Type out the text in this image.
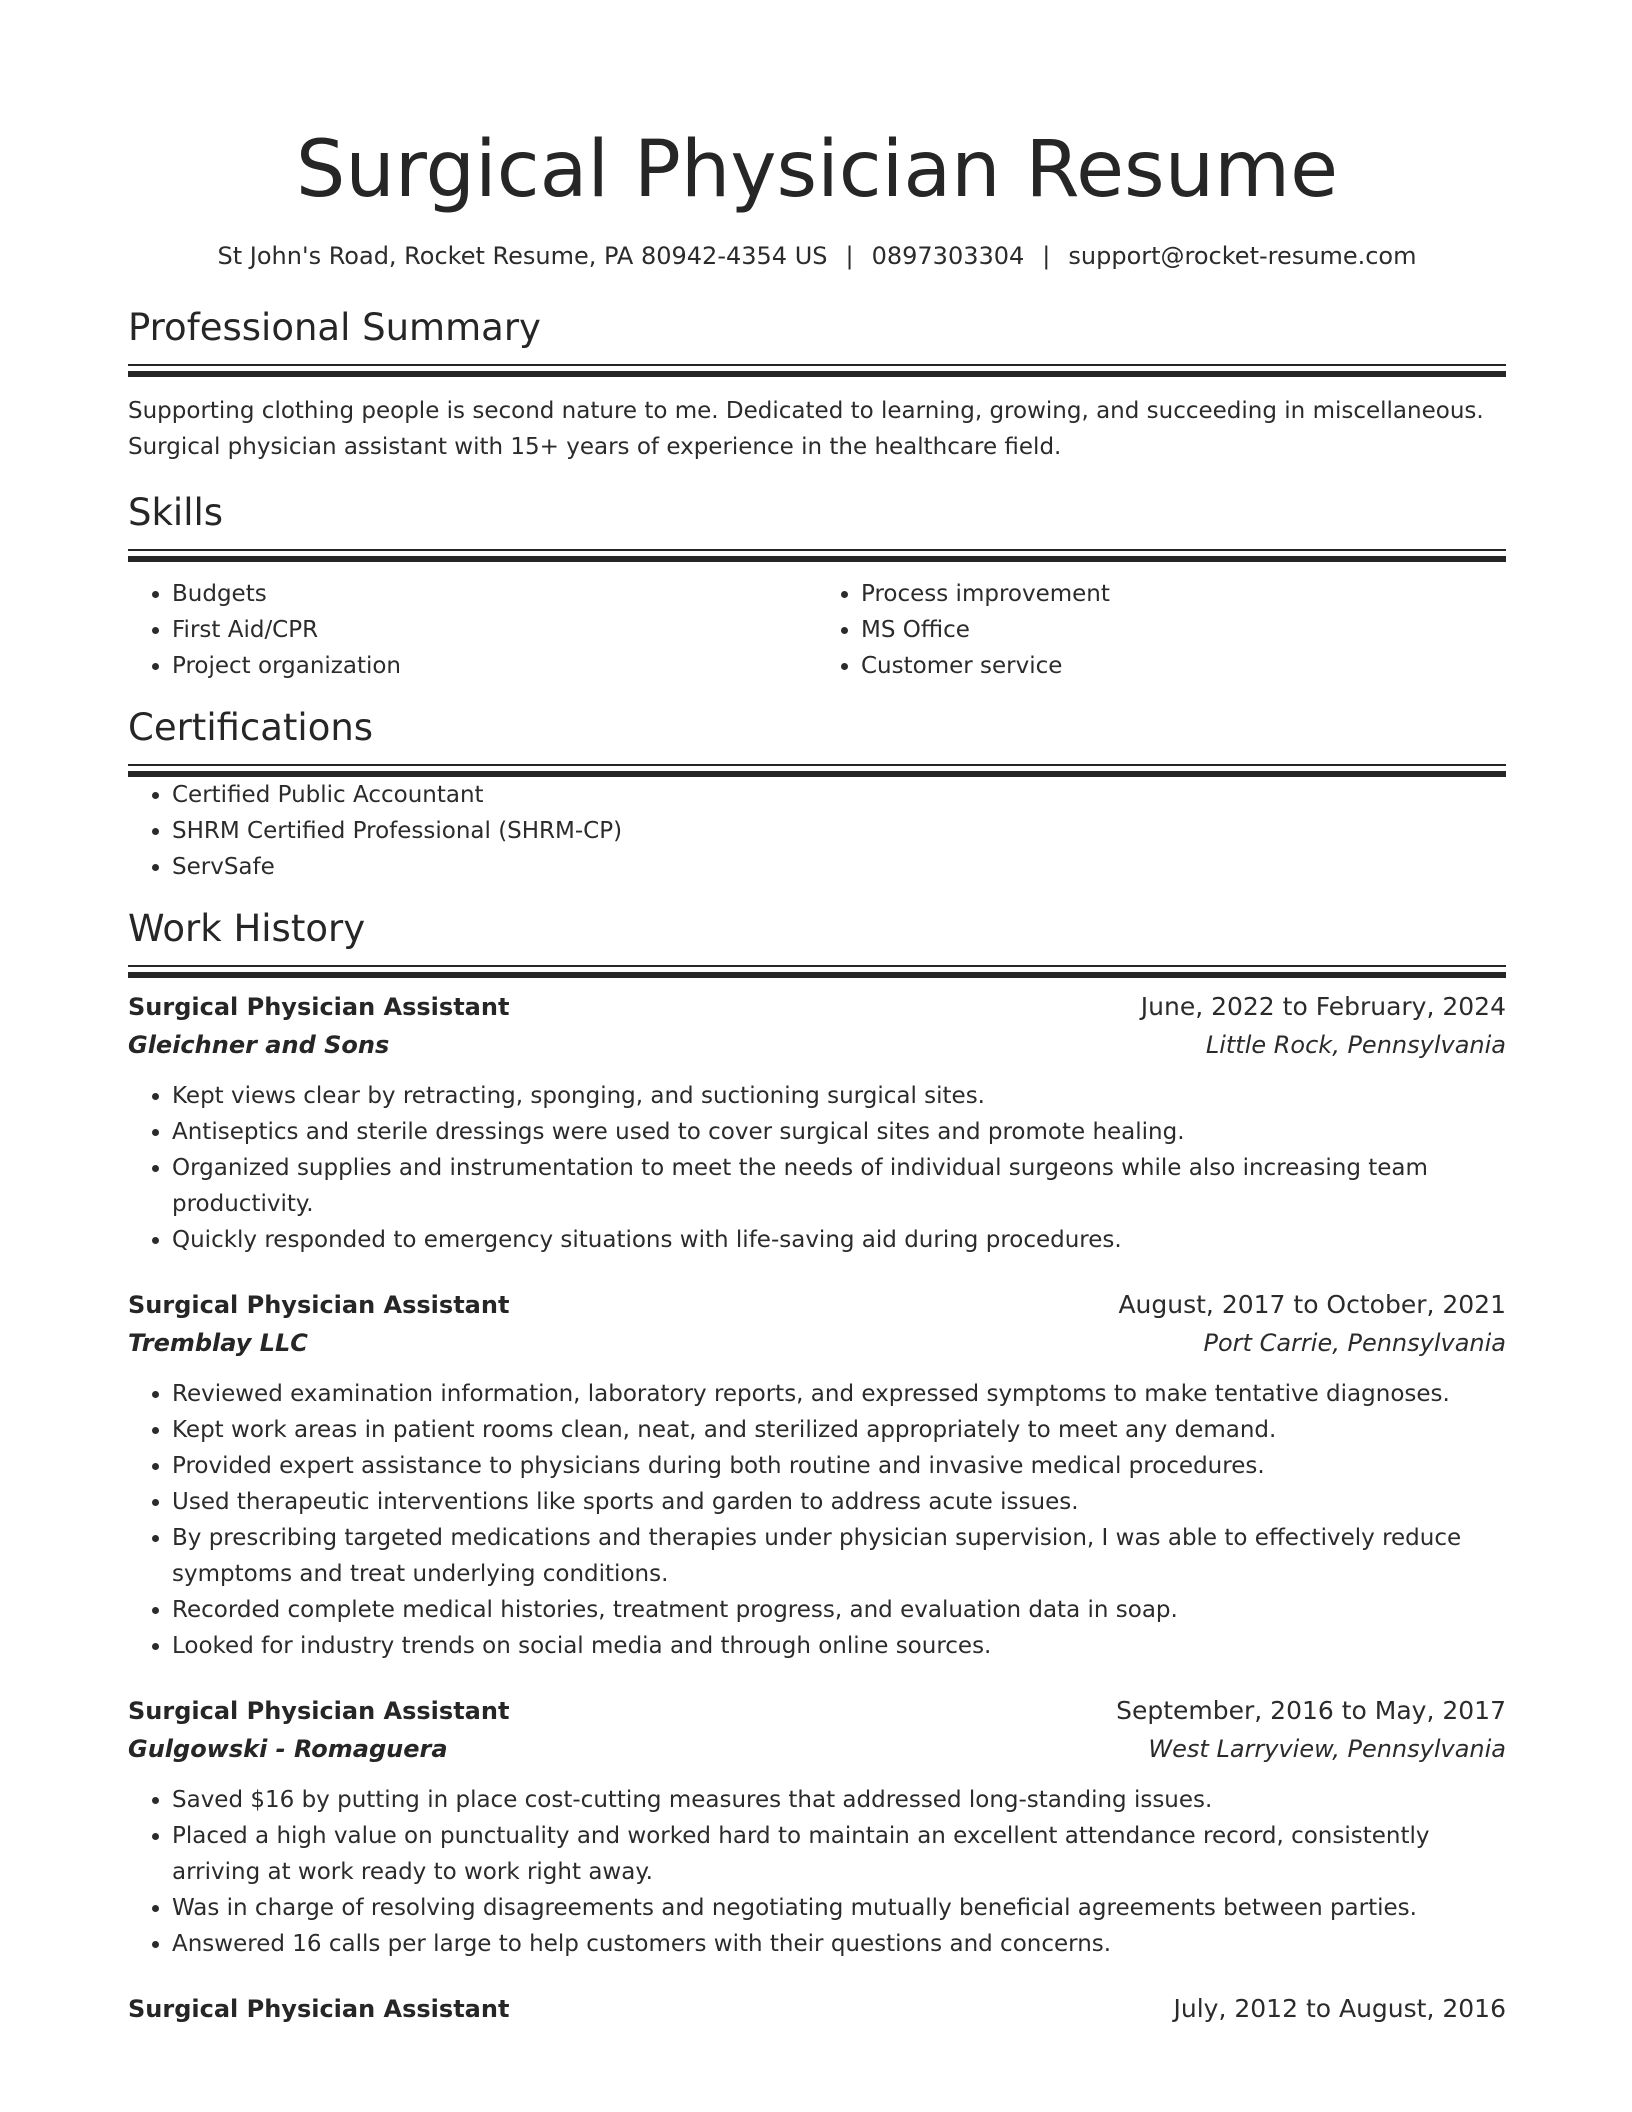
Surgical Physician Resume
St John's Road, Rocket Resume, PA 80942-4354 US | 0897303304 | support@rocket-resume.com
Professional Summary
Supporting clothing people is second nature to me. Dedicated to learning, growing, and succeeding in miscellaneous. Surgical physician assistant with 15+ years of experience in the healthcare field.
Skills
• Budgets
• First Aid/CPR
• Project organization
• Process improvement
• MS Office
• Customer service
Certifications
• Certified Public Accountant
• SHRM Certified Professional (SHRM-CP)
• ServSafe
Work History
Surgical Physician Assistant	June, 2022 to February, 2024
Gleichner and Sons	Little Rock, Pennsylvania
• Kept views clear by retracting, sponging, and suctioning surgical sites.
• Antiseptics and sterile dressings were used to cover surgical sites and promote healing.
• Organized supplies and instrumentation to meet the needs of individual surgeons while also increasing team productivity.
• Quickly responded to emergency situations with life-saving aid during procedures.
Surgical Physician Assistant	August, 2017 to October, 2021
Tremblay LLC	Port Carrie, Pennsylvania
• Reviewed examination information, laboratory reports, and expressed symptoms to make tentative diagnoses.
• Kept work areas in patient rooms clean, neat, and sterilized appropriately to meet any demand.
• Provided expert assistance to physicians during both routine and invasive medical procedures.
• Used therapeutic interventions like sports and garden to address acute issues.
• By prescribing targeted medications and therapies under physician supervision, I was able to effectively reduce symptoms and treat underlying conditions.
• Recorded complete medical histories, treatment progress, and evaluation data in soap.
• Looked for industry trends on social media and through online sources.
Surgical Physician Assistant	September, 2016 to May, 2017
Gulgowski - Romaguera	West Larryview, Pennsylvania
• Saved $16 by putting in place cost-cutting measures that addressed long-standing issues.
• Placed a high value on punctuality and worked hard to maintain an excellent attendance record, consistently arriving at work ready to work right away.
• Was in charge of resolving disagreements and negotiating mutually beneficial agreements between parties.
• Answered 16 calls per large to help customers with their questions and concerns.
Surgical Physician Assistant	July, 2012 to August, 2016
